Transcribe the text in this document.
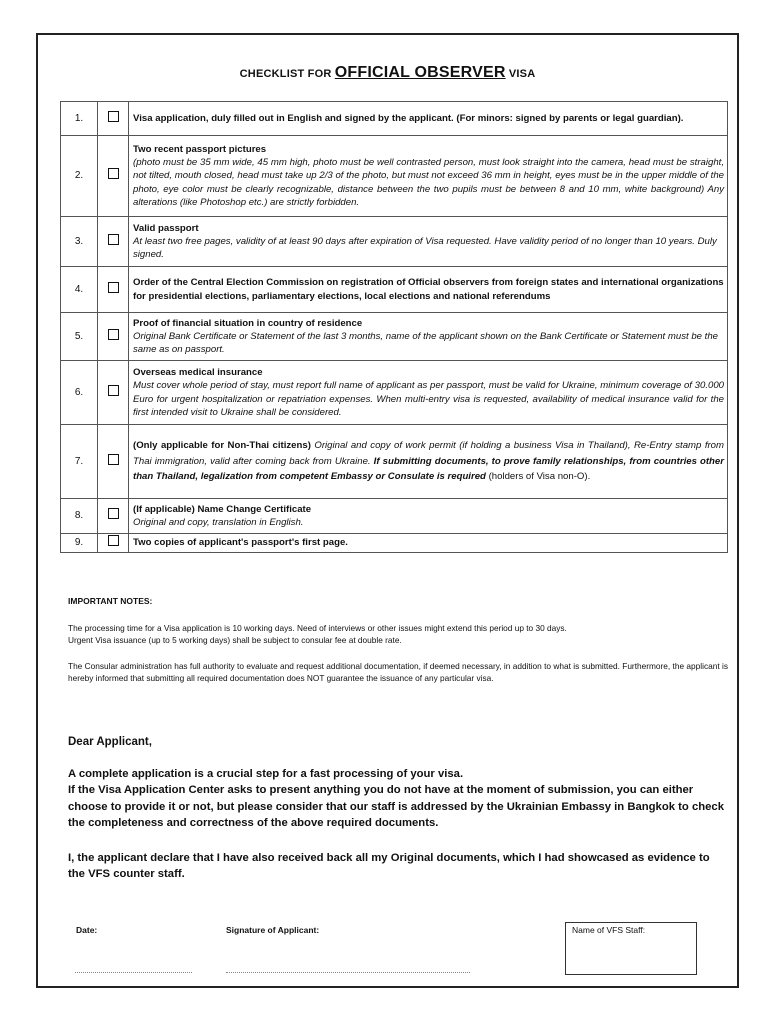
CHECKLIST FOR OFFICIAL OBSERVER VISA
1.		Visa application, duly filled out in English and signed by the applicant. (For minors: signed by parents or legal guardian).
2.		Two recent passport pictures
(photo must be 35 mm wide, 45 mm high, photo must be well contrasted person, must look straight into the camera, head must be straight, not tilted, mouth closed, head must take up 2/3 of the photo, but must not exceed 36 mm in height, eyes must be in the upper middle of the photo, eye color must be clearly recognizable, distance between the two pupils must be between 8 and 10 mm, white background) Any alterations (like Photoshop etc.) are strictly forbidden.

3.		Valid passport
At least two free pages, validity of at least 90 days after expiration of Visa requested. Have validity period of no longer than 10 years. Duly signed.

4.		Order of the Central Election Commission on registration of Official observers from foreign states and international organizations for presidential elections, parliamentary elections, local elections and national referendums
5.		Proof of financial situation in country of residence
Original Bank Certificate or Statement of the last 3 months, name of the applicant shown on the Bank Certificate or Statement must be the same as on passport.

6.		Overseas medical insurance
Must cover whole period of stay, must report full name of applicant as per passport, must be valid for Ukraine, minimum coverage of 30.000 Euro for urgent hospitalization or repatriation expenses. When multi-entry visa is requested, availability of medical insurance valid for the first intended visit to Ukraine shall be considered.

7.		(Only applicable for Non-Thai citizens) Original and copy of work permit (if holding a business Visa in Thailand), Re-Entry stamp from Thai immigration, valid after coming back from Ukraine. If submitting documents, to prove family relationships, from countries other than Thailand, legalization from competent Embassy or Consulate is required (holders of Visa non-O).
8.		(If applicable) Name Change Certificate
Original and copy, translation in English.

9.		Two copies of applicant's passport's first page.
IMPORTANT NOTES:
The processing time for a Visa application is 10 working days. Need of interviews or other issues might extend this period up to 30 days.
Urgent Visa issuance (up to 5 working days) shall be subject to consular fee at double rate.
The Consular administration has full authority to evaluate and request additional documentation, if deemed necessary, in addition to what is submitted. Furthermore, the applicant is hereby informed that submitting all required documentation does NOT guarantee the issuance of any particular visa.
Dear Applicant,
A complete application is a crucial step for a fast processing of your visa.
If the Visa Application Center asks to present anything you do not have at the moment of submission, you can either choose to provide it or not, but please consider that our staff is addressed by the Ukrainian Embassy in Bangkok to check the completeness and correctness of the above required documents.
I, the applicant declare that I have also received back all my Original documents, which I had showcased as evidence to the VFS counter staff.
Date:	Signature of Applicant:	Name of VFS Staff:
